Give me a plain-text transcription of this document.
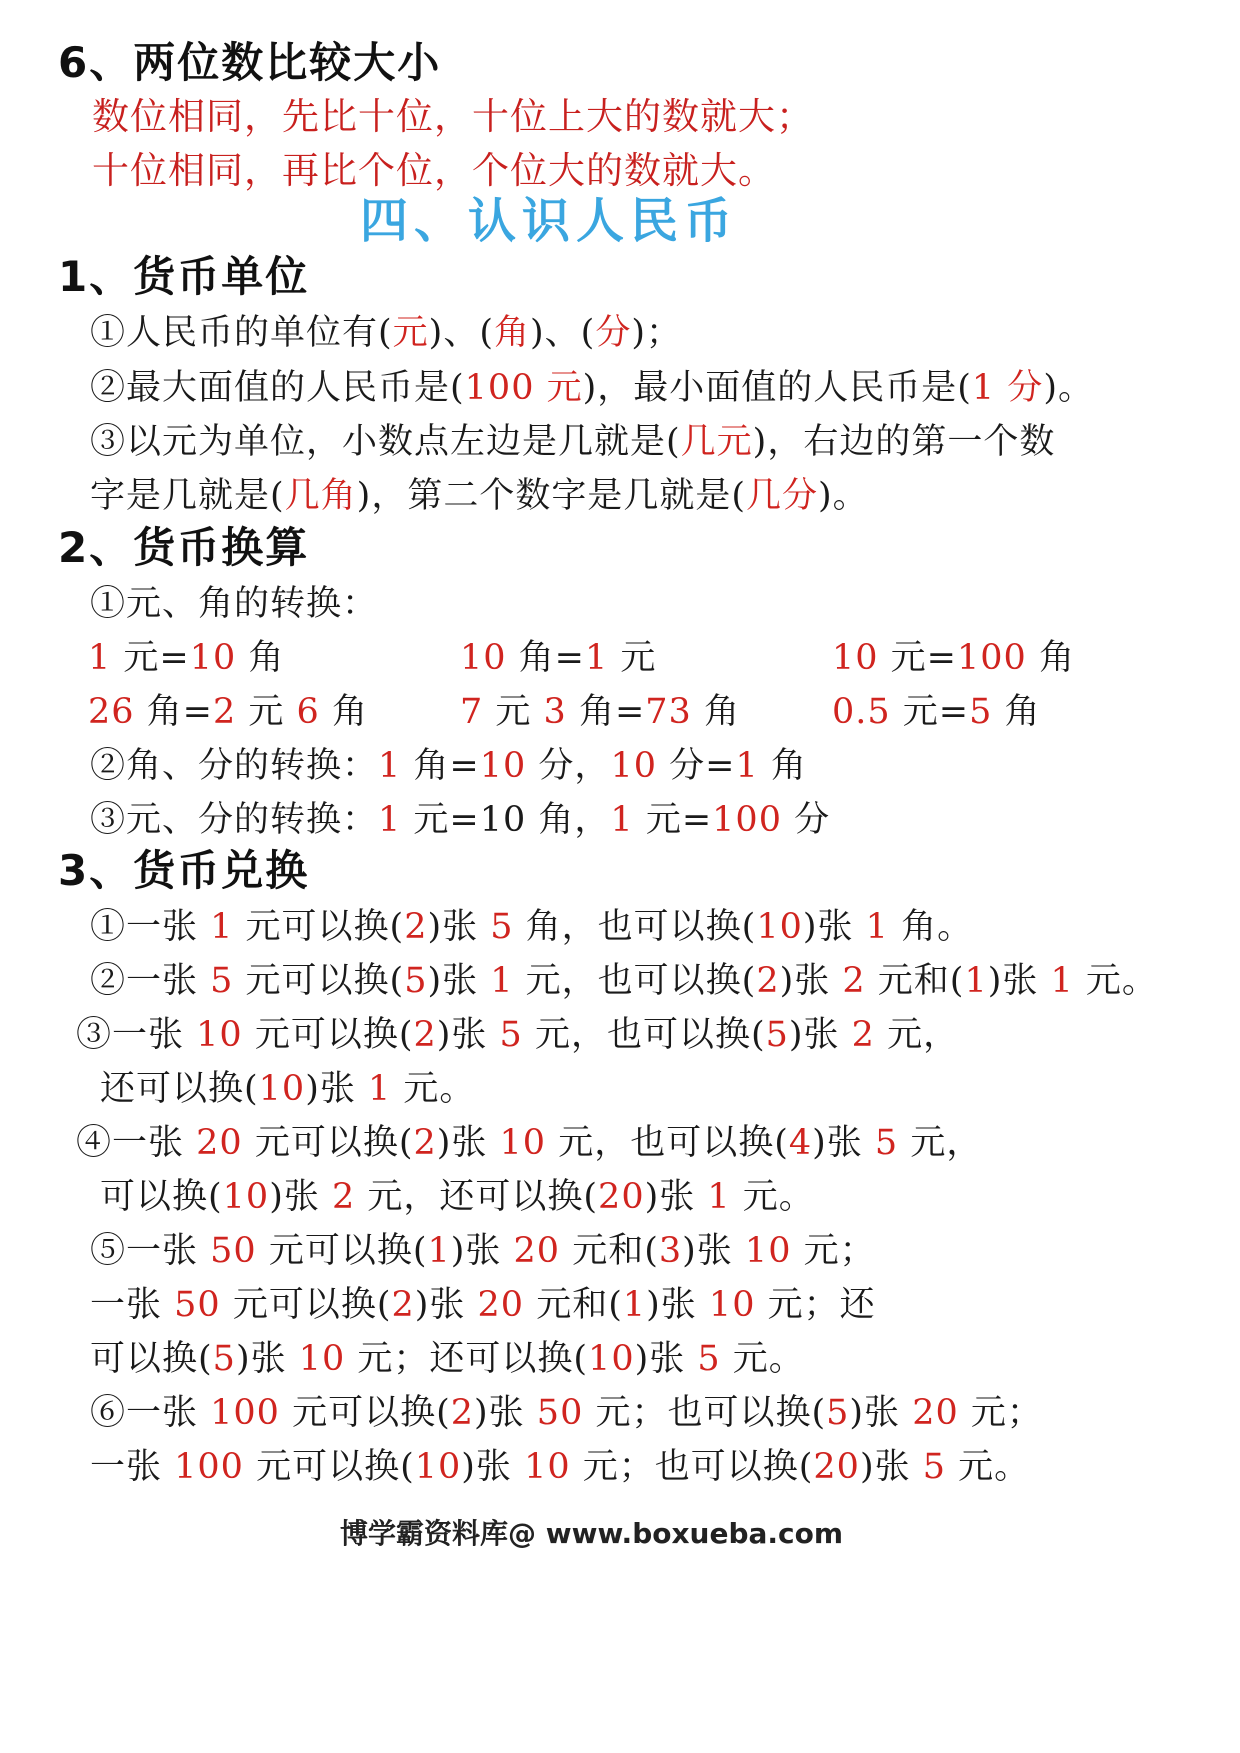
6、两位数比较大小
数位相同，先比十位，十位上大的数就大；
十位相同，再比个位，个位大的数就大。
四、认识人民币
1、货币单位
①人民币的单位有(元)、(角)、(分)；
②最大面值的人民币是(100 元)，最小面值的人民币是(1 分)。
③以元为单位，小数点左边是几就是(几元)，右边的第一个数
字是几就是(几角)，第二个数字是几就是(几分)。
2、货币换算
①元、角的转换：
1 元=10 角	10 角=1 元	10 元=100 角
26 角=2 元 6 角	7 元 3 角=73 角	0.5 元=5 角
②角、分的转换：1 角=10 分，10 分=1 角
③元、分的转换：1 元=10 角，1 元=100 分
3、货币兑换
①一张 1 元可以换(2)张 5 角，也可以换(10)张 1 角。
②一张 5 元可以换(5)张 1 元，也可以换(2)张 2 元和(1)张 1 元。
③一张 10 元可以换(2)张 5 元，也可以换(5)张 2 元，
还可以换(10)张 1 元。
④一张 20 元可以换(2)张 10 元，也可以换(4)张 5 元，
可以换(10)张 2 元，还可以换(20)张 1 元。
⑤一张 50 元可以换(1)张 20 元和(3)张 10 元；
一张 50 元可以换(2)张 20 元和(1)张 10 元；还
可以换(5)张 10 元；还可以换(10)张 5 元。
⑥一张 100 元可以换(2)张 50 元；也可以换(5)张 20 元；
一张 100 元可以换(10)张 10 元；也可以换(20)张 5 元。
博学霸资料库@ www.boxueba.com
